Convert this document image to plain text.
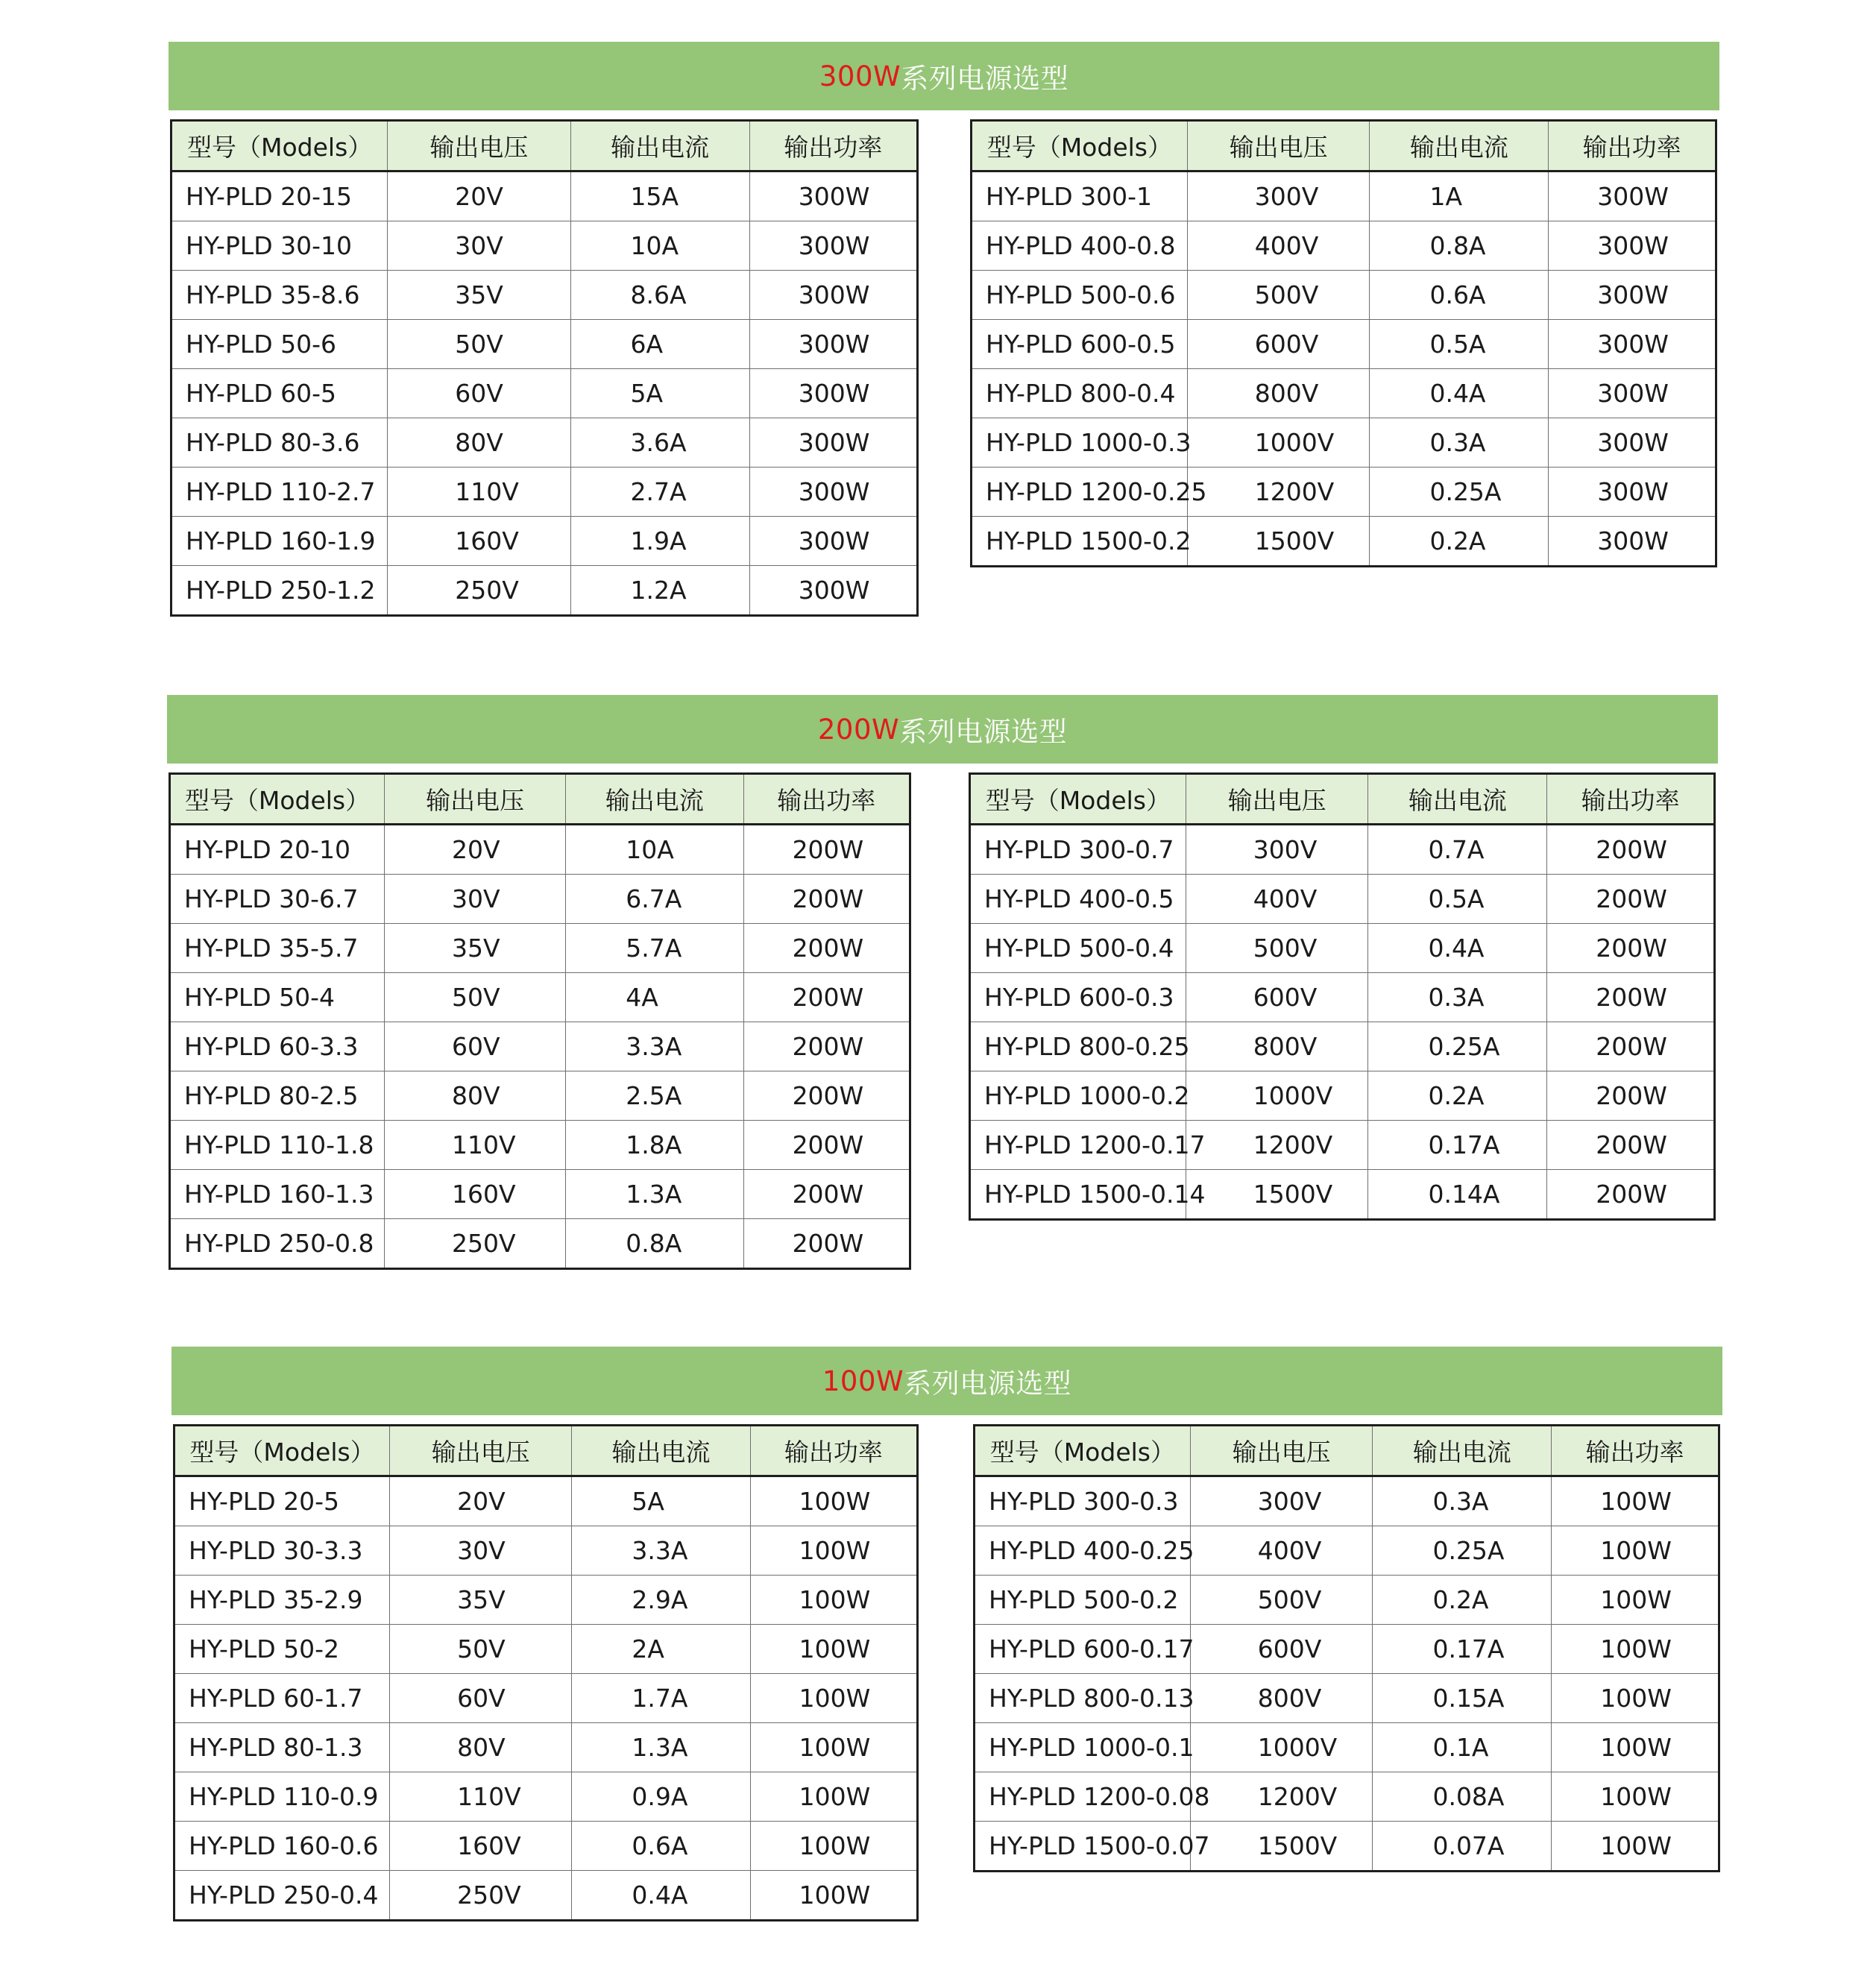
300W 系列电源选型
型号（Models）	输出电压	输出电流	输出功率
HY-PLD 20-15	20V	15A	300W
HY-PLD 30-10	30V	10A	300W
HY-PLD 35-8.6	35V	8.6A	300W
HY-PLD 50-6	50V	6A	300W
HY-PLD 60-5	60V	5A	300W
HY-PLD 80-3.6	80V	3.6A	300W
HY-PLD 110-2.7	110V	2.7A	300W
HY-PLD 160-1.9	160V	1.9A	300W
HY-PLD 250-1.2	250V	1.2A	300W
型号（Models）	输出电压	输出电流	输出功率
HY-PLD 300-1	300V	1A	300W
HY-PLD 400-0.8	400V	0.8A	300W
HY-PLD 500-0.6	500V	0.6A	300W
HY-PLD 600-0.5	600V	0.5A	300W
HY-PLD 800-0.4	800V	0.4A	300W
HY-PLD 1000-0.3	1000V	0.3A	300W
HY-PLD 1200-0.25	1200V	0.25A	300W
HY-PLD 1500-0.2	1500V	0.2A	300W
200W 系列电源选型
型号（Models）	输出电压	输出电流	输出功率
HY-PLD 20-10	20V	10A	200W
HY-PLD 30-6.7	30V	6.7A	200W
HY-PLD 35-5.7	35V	5.7A	200W
HY-PLD 50-4	50V	4A	200W
HY-PLD 60-3.3	60V	3.3A	200W
HY-PLD 80-2.5	80V	2.5A	200W
HY-PLD 110-1.8	110V	1.8A	200W
HY-PLD 160-1.3	160V	1.3A	200W
HY-PLD 250-0.8	250V	0.8A	200W
型号（Models）	输出电压	输出电流	输出功率
HY-PLD 300-0.7	300V	0.7A	200W
HY-PLD 400-0.5	400V	0.5A	200W
HY-PLD 500-0.4	500V	0.4A	200W
HY-PLD 600-0.3	600V	0.3A	200W
HY-PLD 800-0.25	800V	0.25A	200W
HY-PLD 1000-0.2	1000V	0.2A	200W
HY-PLD 1200-0.17	1200V	0.17A	200W
HY-PLD 1500-0.14	1500V	0.14A	200W
100W 系列电源选型
型号（Models）	输出电压	输出电流	输出功率
HY-PLD 20-5	20V	5A	100W
HY-PLD 30-3.3	30V	3.3A	100W
HY-PLD 35-2.9	35V	2.9A	100W
HY-PLD 50-2	50V	2A	100W
HY-PLD 60-1.7	60V	1.7A	100W
HY-PLD 80-1.3	80V	1.3A	100W
HY-PLD 110-0.9	110V	0.9A	100W
HY-PLD 160-0.6	160V	0.6A	100W
HY-PLD 250-0.4	250V	0.4A	100W
型号（Models）	输出电压	输出电流	输出功率
HY-PLD 300-0.3	300V	0.3A	100W
HY-PLD 400-0.25	400V	0.25A	100W
HY-PLD 500-0.2	500V	0.2A	100W
HY-PLD 600-0.17	600V	0.17A	100W
HY-PLD 800-0.13	800V	0.15A	100W
HY-PLD 1000-0.1	1000V	0.1A	100W
HY-PLD 1200-0.08	1200V	0.08A	100W
HY-PLD 1500-0.07	1500V	0.07A	100W
